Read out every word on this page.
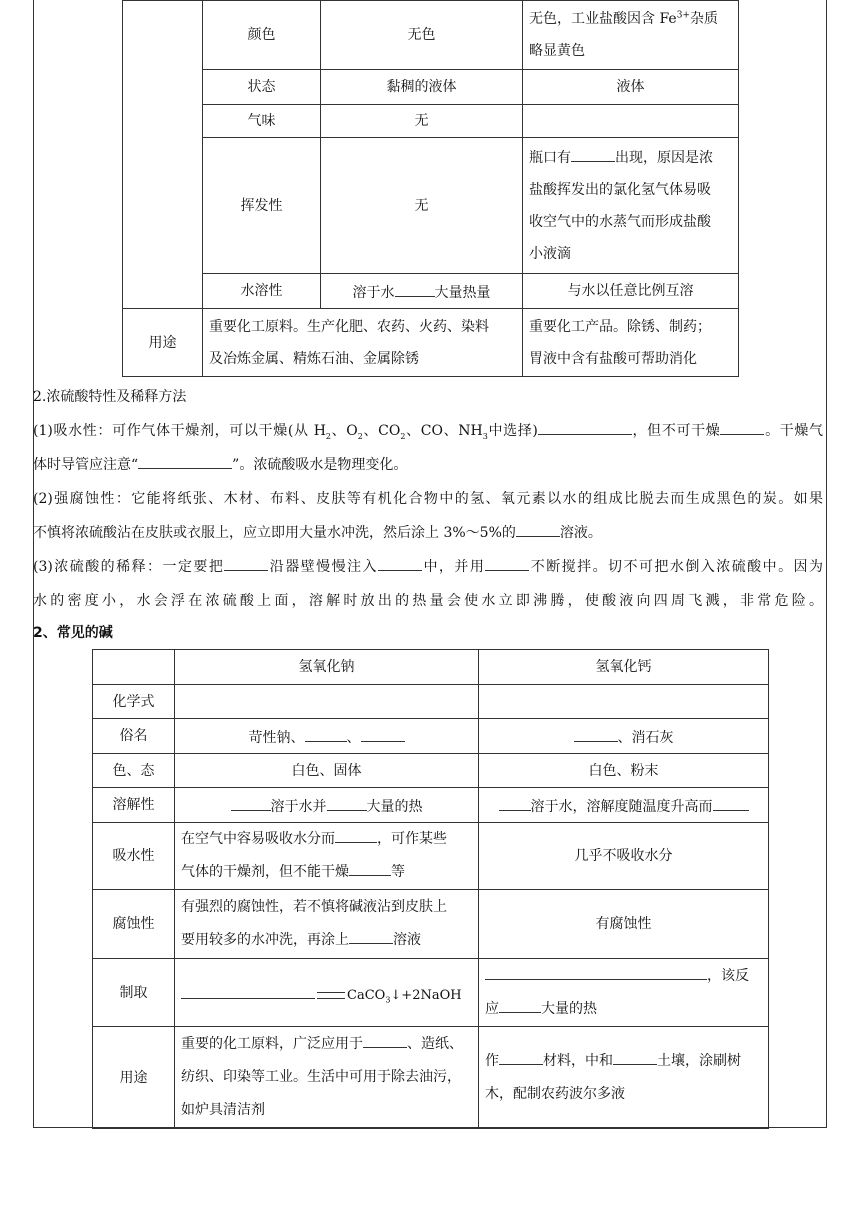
	颜色	无色	无色，工业盐酸因含 $Fe^{3+}$杂质
略显黄色
	状态	黏稠的液体	液体
	气味	无	
	挥发性	无	瓶口有 出现，原因是浓
盐酸挥发出的氯化氢气体易吸
收空气中的水蒸气而形成盐酸
小液滴
	水溶性	溶于水 大量热量	与水以任意比例互溶
用途	重要化工原料。生产化肥、农药、火药、染料
及冶炼金属、精炼石油、金属除锈		重要化工产品。除锈、制药；
胃液中含有盐酸可帮助消化
2.浓硫酸特性及稀释方法
(1)吸水性：可作气体干燥剂，可以干燥(从 $H_2$、$O_2$、$CO_2$、CO、$NH_3$中选择)	，但不可干燥	。干燥气
体时导管应注意“	”。浓硫酸吸水是物理变化。
(2)强腐蚀性：它能将纸张、木材、布料、皮肤等有机化合物中的氢、氧元素以水的组成比脱去而生成黑色的炭。如果
不慎将浓硫酸沾在皮肤或衣服上，应立即用大量水冲洗，然后涂上 3%～5%的	溶液。
(3)浓硫酸的稀释：一定要把	沿器壁慢慢注入	中，并用	不断搅拌。切不可把水倒入浓硫酸中。因为
水的密度小，水会浮在浓硫酸上面，溶解时放出的热量会使水立即沸腾，使酸液向四周飞溅，非常危险。
2、常见的碱
	氢氧化钠	氢氧化钙
化学式		
俗名	苛性钠、 、	、消石灰
色、态	白色、固体	白色、粉末
溶解性	溶于水并 大量的热	溶于水，溶解度随温度升高而
吸水性	在空气中容易吸收水分而 ，可作某些
气体的干燥剂，但不能干燥 等	几乎不吸收水分
腐蚀性	有强烈的腐蚀性，若不慎将碱液沾到皮肤上
要用较多的水冲洗，再涂上 溶液	有腐蚀性
制取	CaCO$_3$↓+2NaOH	，该反
应 大量的热
用途	重要的化工原料，广泛应用于 、造纸、
纺织、印染等工业。生活中可用于除去油污，
如炉具清洁剂	作 材料，中和 土壤，涂刷树
木，配制农药波尔多液
